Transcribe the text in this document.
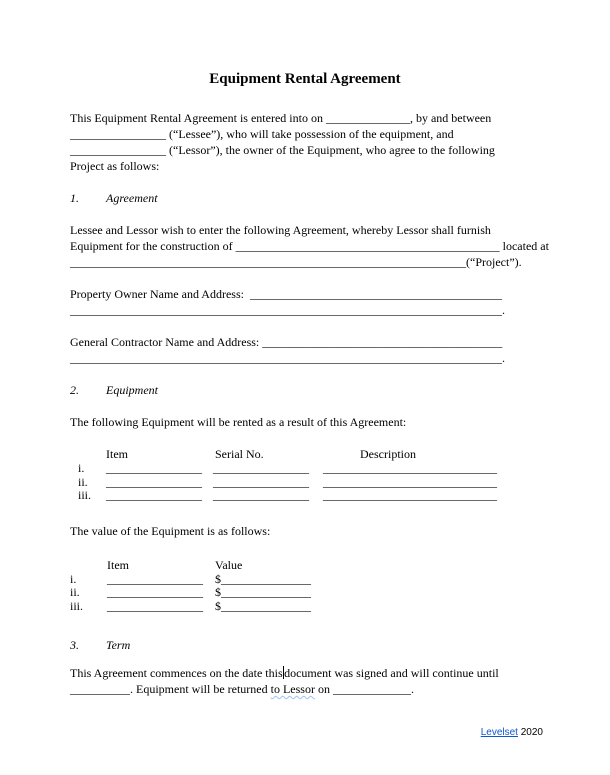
Equipment Rental Agreement
This Equipment Rental Agreement is entered into on ______________, by and between
________________ (“Lessee”), who will take possession of the equipment, and
________________ (“Lessor”), the owner of the Equipment, who agree to the following
Project as follows:
1. Agreement
Lessee and Lessor wish to enter the following Agreement, whereby Lessor shall furnish
Equipment for the construction of ____________________________________________ located at
__________________________________________________________________(“Project”).
Property Owner Name and Address:  __________________________________________
________________________________________________________________________.
General Contractor Name and Address: ________________________________________
________________________________________________________________________.
2. Equipment
The following Equipment will be rented as a result of this Agreement:
Item	Serial No.	Description
i.	________________ ________________	_____________________________
ii.	________________ ________________	_____________________________
iii.	________________ ________________	_____________________________
The value of the Equipment is as follows:
Item	Value
i.	________________	$ _______________
ii.	________________	$ _______________
iii.	________________	$ _______________
3. Term
This Agreement commences on the date this document was signed and will continue until
__________. Equipment will be returned to Lessor on _____________.
Levelset 2020
